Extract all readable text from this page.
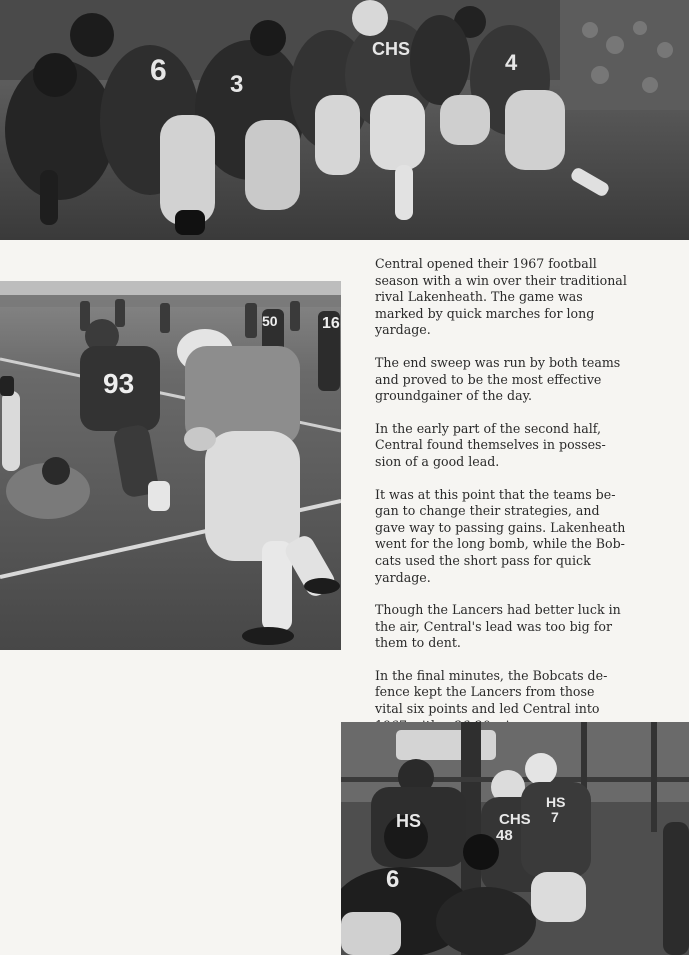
6
CHS
3
4
93
16
50

Central opened their 1967 football
season with a win over their traditional
rival Lakenheath. The game was
marked by quick marches for long
yardage.

The end sweep was run by both teams
and proved to be the most effective
groundgainer of the day.

In the early part of the second half,
Central found themselves in posses-
sion of a good lead.

It was at this point that the teams be-
gan to change their strategies, and
gave way to passing gains. Lakenheath
went for the long bomb, while the Bob-
cats used the short pass for quick
yardage.

Though the Lancers had better luck in
the air, Central's lead was too big for
them to dent.

In the final minutes, the Bobcats de-
fence kept the Lancers from those
vital six points and led Central into

HS	CHS
48
HS
7
6
